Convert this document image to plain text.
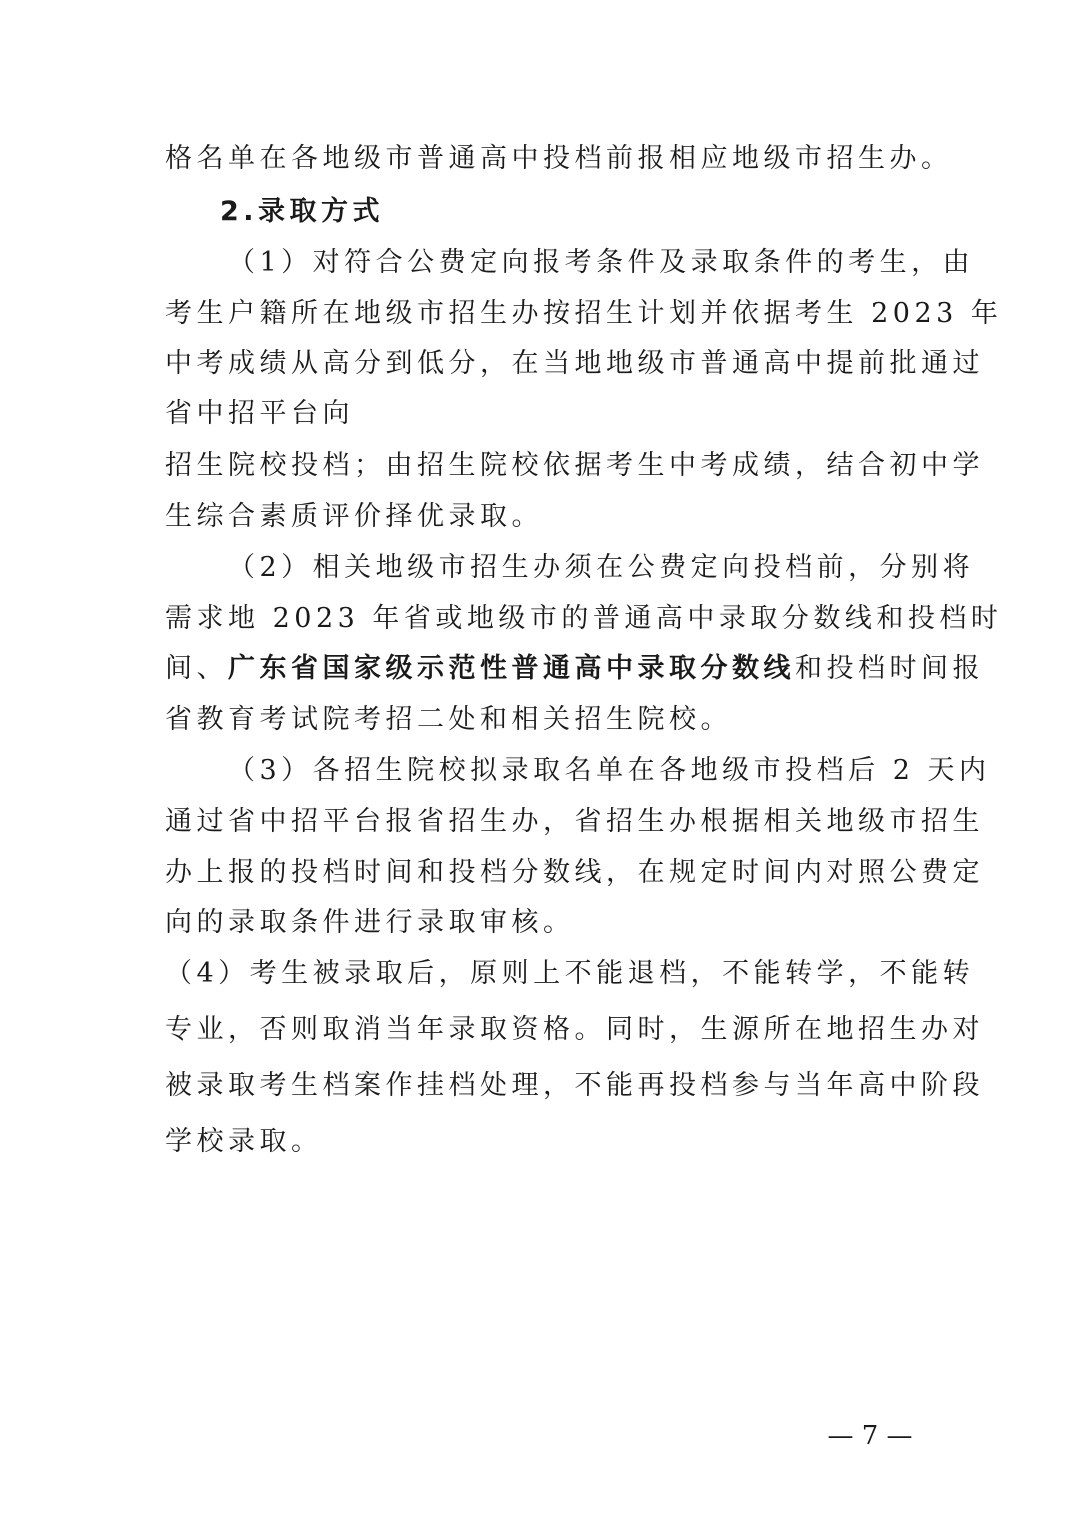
格名单在各地级市普通高中投档前报相应地级市招生办。
2.录取方式
（1）对符合公费定向报考条件及录取条件的考生，由
考生户籍所在地级市招生办按招生计划并依据考生 2023 年
中考成绩从高分到低分，在当地地级市普通高中提前批通过
省中招平台向
招生院校投档；由招生院校依据考生中考成绩，结合初中学
生综合素质评价择优录取。
（2）相关地级市招生办须在公费定向投档前，分别将
需求地 2023 年省或地级市的普通高中录取分数线和投档时
间、广东省国家级示范性普通高中录取分数线和投档时间报
省教育考试院考招二处和相关招生院校。
（3）各招生院校拟录取名单在各地级市投档后 2 天内
通过省中招平台报省招生办，省招生办根据相关地级市招生
办上报的投档时间和投档分数线，在规定时间内对照公费定
向的录取条件进行录取审核。
（4）考生被录取后，原则上不能退档，不能转学，不能转
专业，否则取消当年录取资格。同时，生源所在地招生办对
被录取考生档案作挂档处理，不能再投档参与当年高中阶段
学校录取。
— 7 —
